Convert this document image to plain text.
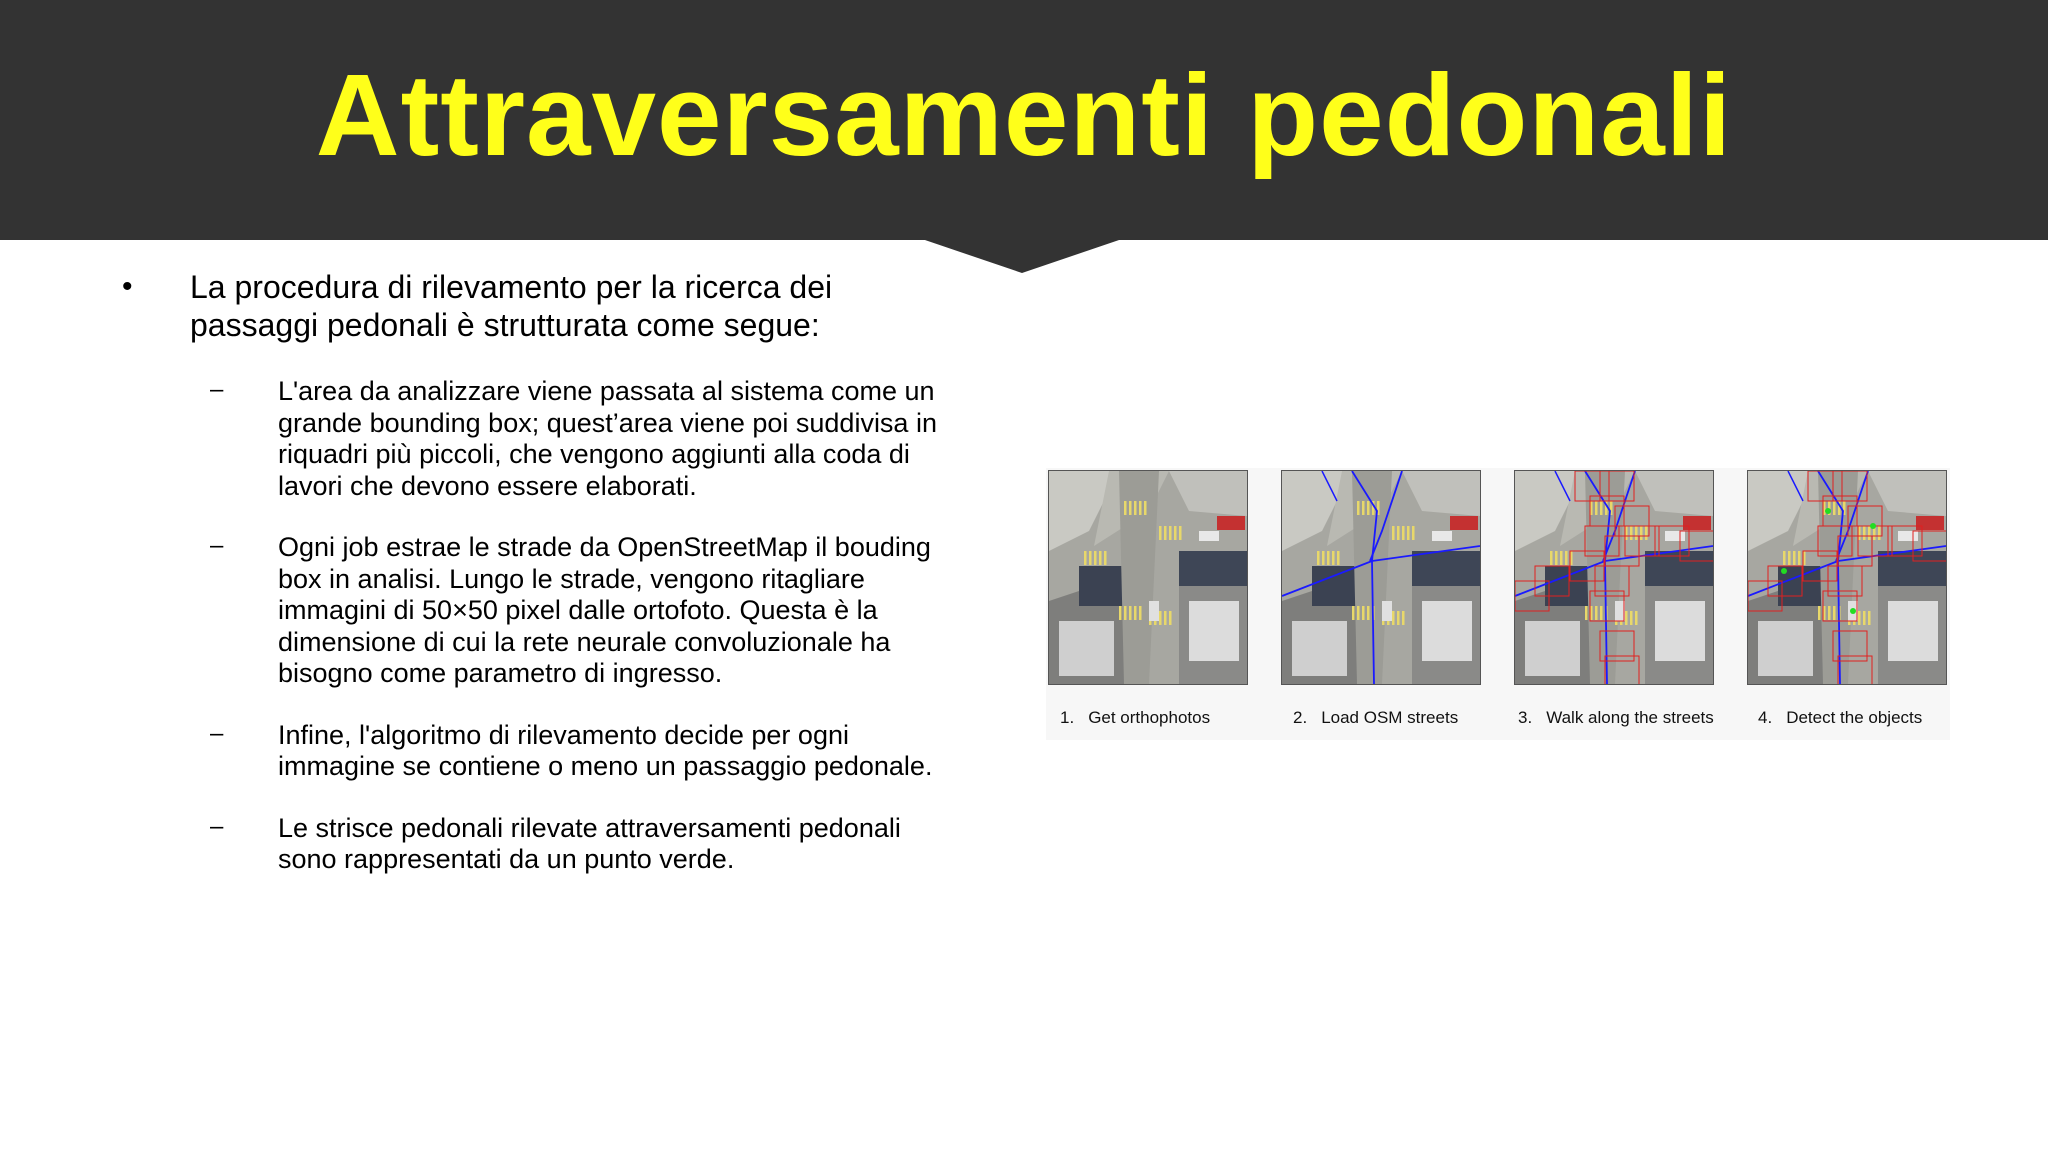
Attraversamenti pedonali
• La procedura di rilevamento per la ricerca dei
passaggi pedonali è strutturata come segue:
– L'area da analizzare viene passata al sistema come un
grande bounding box; quest’area viene poi suddivisa in
riquadri più piccoli, che vengono aggiunti alla coda di
lavori che devono essere elaborati.
– Ogni job estrae le strade da OpenStreetMap il bouding
box in analisi. Lungo le strade, vengono ritagliare
immagini di 50×50 pixel dalle ortofoto. Questa è la
dimensione di cui la rete neurale convoluzionale ha
bisogno come parametro di ingresso.
– Infine, l'algoritmo di rilevamento decide per ogni
immagine se contiene o meno un passaggio pedonale.
– Le strisce pedonali rilevate attraversamenti pedonali
sono rappresentati da un punto verde.
1. Get orthophotos	2. Load OSM streets	3. Walk along the streets	4. Detect the objects
